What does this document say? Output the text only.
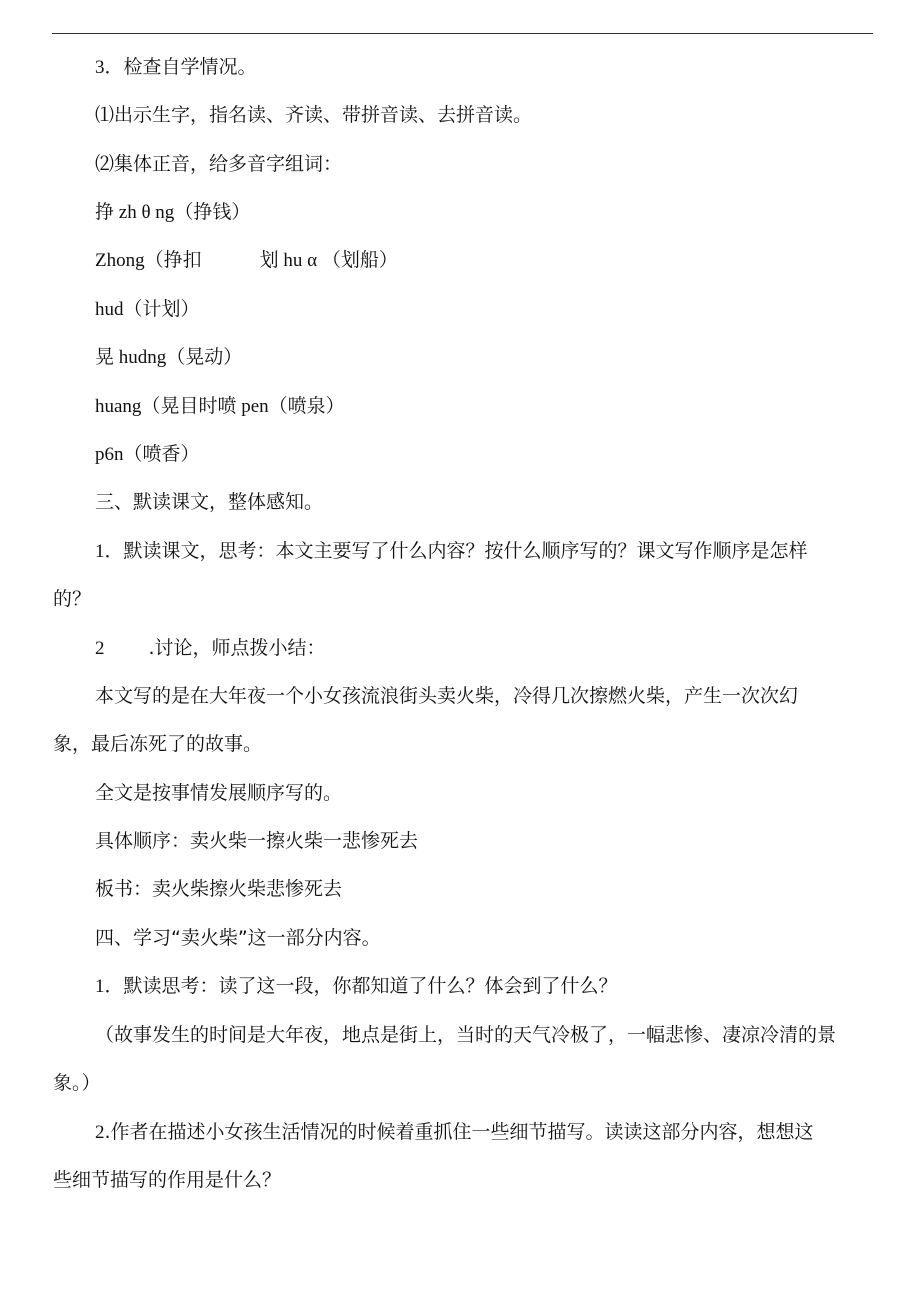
3．检查自学情况。
⑴出示生字，指名读、齐读、带拼音读、去拼音读。
⑵集体正音，给多音字组词：
挣 zh θ ng（挣钱）
Zhong（挣扣	划 hu α （划船）
hud（计划）
晃 hudng（晃动）
huang（晃目时喷 pen（喷泉）
p6n（喷香）
三、默读课文，整体感知。
1．默读课文，思考：本文主要写了什么内容？按什么顺序写的？课文写作顺序是怎样
的？
2 .讨论，师点拨小结：
本文写的是在大年夜一个小女孩流浪街头卖火柴，冷得几次擦燃火柴，产生一次次幻
象，最后冻死了的故事。
全文是按事情发展顺序写的。
具体顺序：卖火柴一擦火柴一悲惨死去
板书：卖火柴擦火柴悲惨死去
四、学习“卖火柴”这一部分内容。
1．默读思考：读了这一段，你都知道了什么？体会到了什么？
（故事发生的时间是大年夜，地点是街上，当时的天气冷极了，一幅悲惨、凄凉冷清的景
象。）
2.作者在描述小女孩生活情况的时候着重抓住一些细节描写。读读这部分内容，想想这
些细节描写的作用是什么？
